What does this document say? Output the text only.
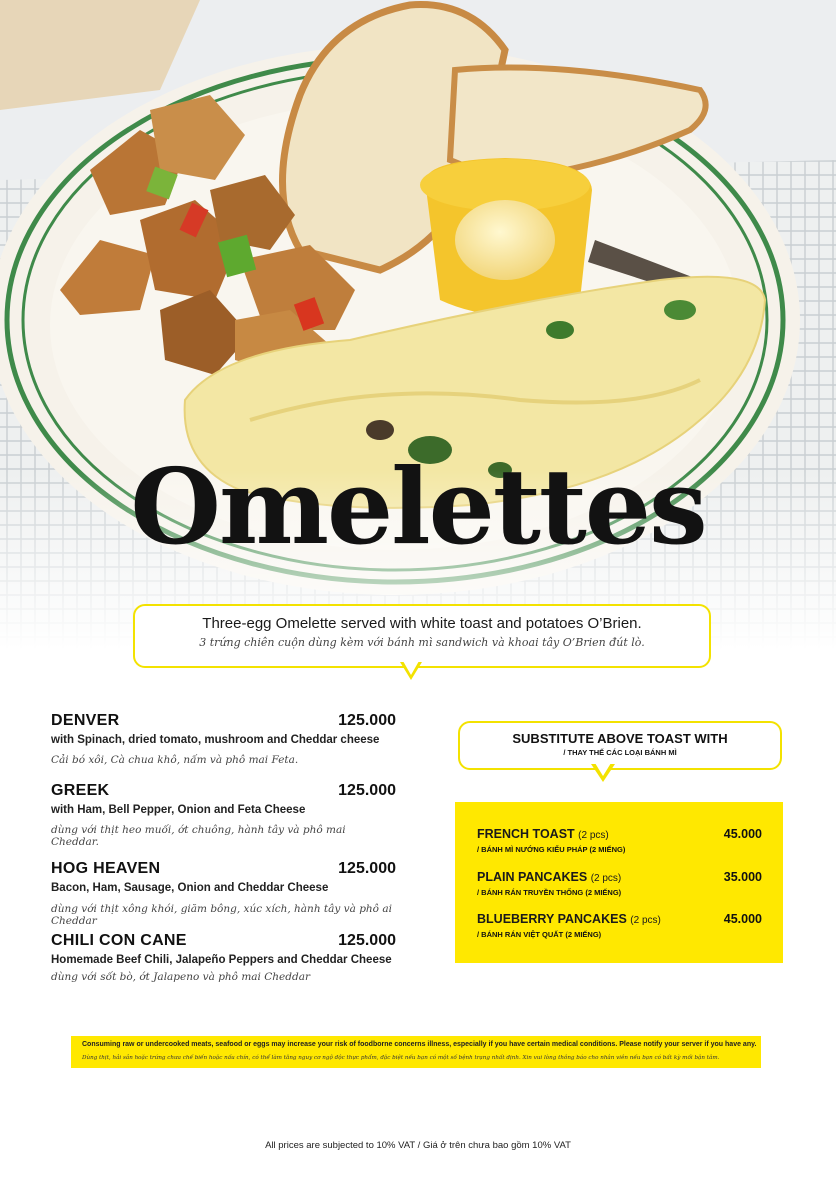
Omelettes
Three-egg Omelette served with white toast and potatoes O’Brien.
3 trứng chiên cuộn dùng kèm với bánh mì sandwich và khoai tây O’Brien đút lò.
DENVER	125.000
with Spinach, dried tomato, mushroom and Cheddar cheese
Cải bó xôi, Cà chua khô, nấm và phô mai Feta.
GREEK	125.000
with Ham, Bell Pepper, Onion and Feta Cheese
dùng với thịt heo muối, ớt chuông, hành tây và phô mai Cheddar.
HOG HEAVEN	125.000
Bacon, Ham, Sausage, Onion and Cheddar Cheese
dùng với thịt xông khói, giăm bông, xúc xích, hành tây và phô ai Cheddar
CHILI CON CANE	125.000
Homemade Beef Chili, Jalapeño Peppers and Cheddar Cheese
dùng với sốt bò, ớt Jalapeno và phô mai Cheddar
SUBSTITUTE ABOVE TOAST WITH
/ THAY THẾ CÁC LOẠI BÁNH MÌ
FRENCH TOAST (2 pcs)	45.000
/ BÁNH MÌ NƯỚNG KIỂU PHÁP (2 MIẾNG)
PLAIN PANCAKES (2 pcs)	35.000
/ BÁNH RÁN TRUYỀN THỐNG (2 MIẾNG)
BLUEBERRY PANCAKES (2 pcs)	45.000
/ BÁNH RÁN VIỆT QUẤT (2 MIẾNG)
Consuming raw or undercooked meats, seafood or eggs may increase your risk of foodborne concerns illness, especially if you have certain medical conditions. Please notify your server if you have any.
Dùng thịt, hải sản hoặc trứng chưa chế biến hoặc nấu chín, có thể làm tăng nguy cơ ngộ độc thực phẩm, đặc biệt nếu bạn có một số bệnh trạng nhất định. Xin vui lòng thông báo cho nhân viên nếu bạn có bất kỳ mối bận tâm.
All prices are subjected to 10% VAT / Giá ở trên chưa bao gồm 10% VAT
